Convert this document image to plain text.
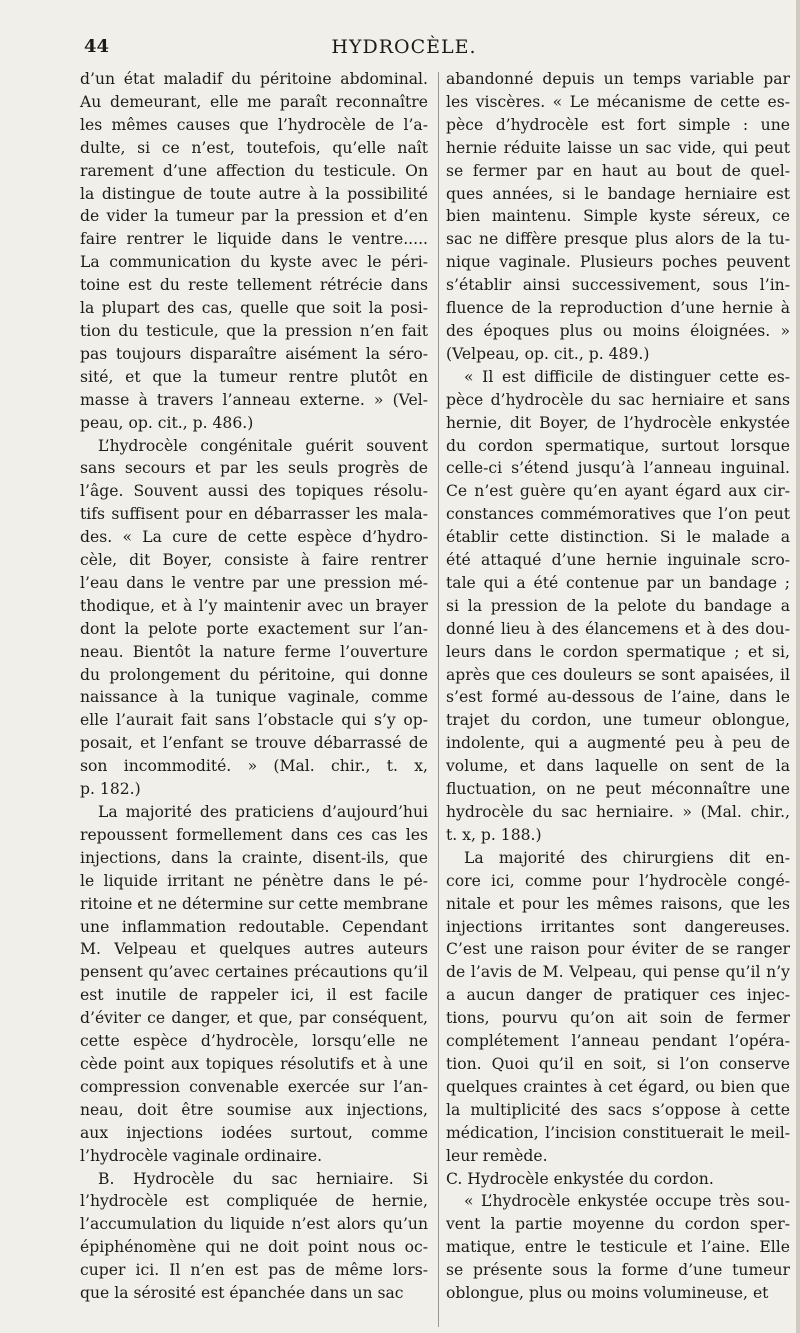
44	HYDROCÈLE.

d’un état maladif du péritoine abdominal.
Au demeurant, elle me paraît reconnaître
les mêmes causes que l’hydrocèle de l’a-
dulte, si ce n’est, toutefois, qu’elle naît
rarement d’une affection du testicule. On
la distingue de toute autre à la possibilité
de vider la tumeur par la pression et d’en
faire rentrer le liquide dans le ventre.....
La communication du kyste avec le péri-
toine est du reste tellement rétrécie dans
la plupart des cas, quelle que soit la posi-
tion du testicule, que la pression n’en fait
pas toujours disparaître aisément la séro-
sité, et que la tumeur rentre plutôt en
masse à travers l’anneau externe. » (Vel-
peau, op. cit., p. 486.)
L’hydrocèle congénitale guérit souvent
sans secours et par les seuls progrès de
l’âge. Souvent aussi des topiques résolu-
tifs suffisent pour en débarrasser les mala-
des. « La cure de cette espèce d’hydro-
cèle, dit Boyer, consiste à faire rentrer
l’eau dans le ventre par une pression mé-
thodique, et à l’y maintenir avec un brayer
dont la pelote porte exactement sur l’an-
neau. Bientôt la nature ferme l’ouverture
du prolongement du péritoine, qui donne
naissance à la tunique vaginale, comme
elle l’aurait fait sans l’obstacle qui s’y op-
posait, et l’enfant se trouve débarrassé de
son incommodité. » (Mal. chir., t. x,
p. 182.)
La majorité des praticiens d’aujourd’hui
repoussent formellement dans ces cas les
injections, dans la crainte, disent-ils, que
le liquide irritant ne pénètre dans le pé-
ritoine et ne détermine sur cette membrane
une inflammation redoutable. Cependant
M. Velpeau et quelques autres auteurs
pensent qu’avec certaines précautions qu’il
est inutile de rappeler ici, il est facile
d’éviter ce danger, et que, par conséquent,
cette espèce d’hydrocèle, lorsqu’elle ne
cède point aux topiques résolutifs et à une
compression convenable exercée sur l’an-
neau, doit être soumise aux injections,
aux injections iodées surtout, comme
l’hydrocèle vaginale ordinaire.
B. Hydrocèle du sac herniaire. Si
l’hydrocèle est compliquée de hernie,
l’accumulation du liquide n’est alors qu’un
épiphénomène qui ne doit point nous oc-
cuper ici. Il n’en est pas de même lors-
que la sérosité est épanchée dans un sac

abandonné depuis un temps variable par
les viscères. « Le mécanisme de cette es-
pèce d’hydrocèle est fort simple : une
hernie réduite laisse un sac vide, qui peut
se fermer par en haut au bout de quel-
ques années, si le bandage herniaire est
bien maintenu. Simple kyste séreux, ce
sac ne diffère presque plus alors de la tu-
nique vaginale. Plusieurs poches peuvent
s’établir ainsi successivement, sous l’in-
fluence de la reproduction d’une hernie à
des époques plus ou moins éloignées. »
(Velpeau, op. cit., p. 489.)
« Il est difficile de distinguer cette es-
pèce d’hydrocèle du sac herniaire et sans
hernie, dit Boyer, de l’hydrocèle enkystée
du cordon spermatique, surtout lorsque
celle-ci s’étend jusqu’à l’anneau inguinal.
Ce n’est guère qu’en ayant égard aux cir-
constances commémoratives que l’on peut
établir cette distinction. Si le malade a
été attaqué d’une hernie inguinale scro-
tale qui a été contenue par un bandage ;
si la pression de la pelote du bandage a
donné lieu à des élancemens et à des dou-
leurs dans le cordon spermatique ; et si,
après que ces douleurs se sont apaisées, il
s’est formé au-dessous de l’aine, dans le
trajet du cordon, une tumeur oblongue,
indolente, qui a augmenté peu à peu de
volume, et dans laquelle on sent de la
fluctuation, on ne peut méconnaître une
hydrocèle du sac herniaire. » (Mal. chir.,
t. x, p. 188.)
La majorité des chirurgiens dit en-
core ici, comme pour l’hydrocèle congé-
nitale et pour les mêmes raisons, que les
injections irritantes sont dangereuses.
C’est une raison pour éviter de se ranger
de l’avis de M. Velpeau, qui pense qu’il n’y
a aucun danger de pratiquer ces injec-
tions, pourvu qu’on ait soin de fermer
complétement l’anneau pendant l’opéra-
tion. Quoi qu’il en soit, si l’on conserve
quelques craintes à cet égard, ou bien que
la multiplicité des sacs s’oppose à cette
médication, l’incision constituerait le meil-
leur remède.
C. Hydrocèle enkystée du cordon.
« L’hydrocèle enkystée occupe très sou-
vent la partie moyenne du cordon sper-
matique, entre le testicule et l’aine. Elle
se présente sous la forme d’une tumeur
oblongue, plus ou moins volumineuse, et
